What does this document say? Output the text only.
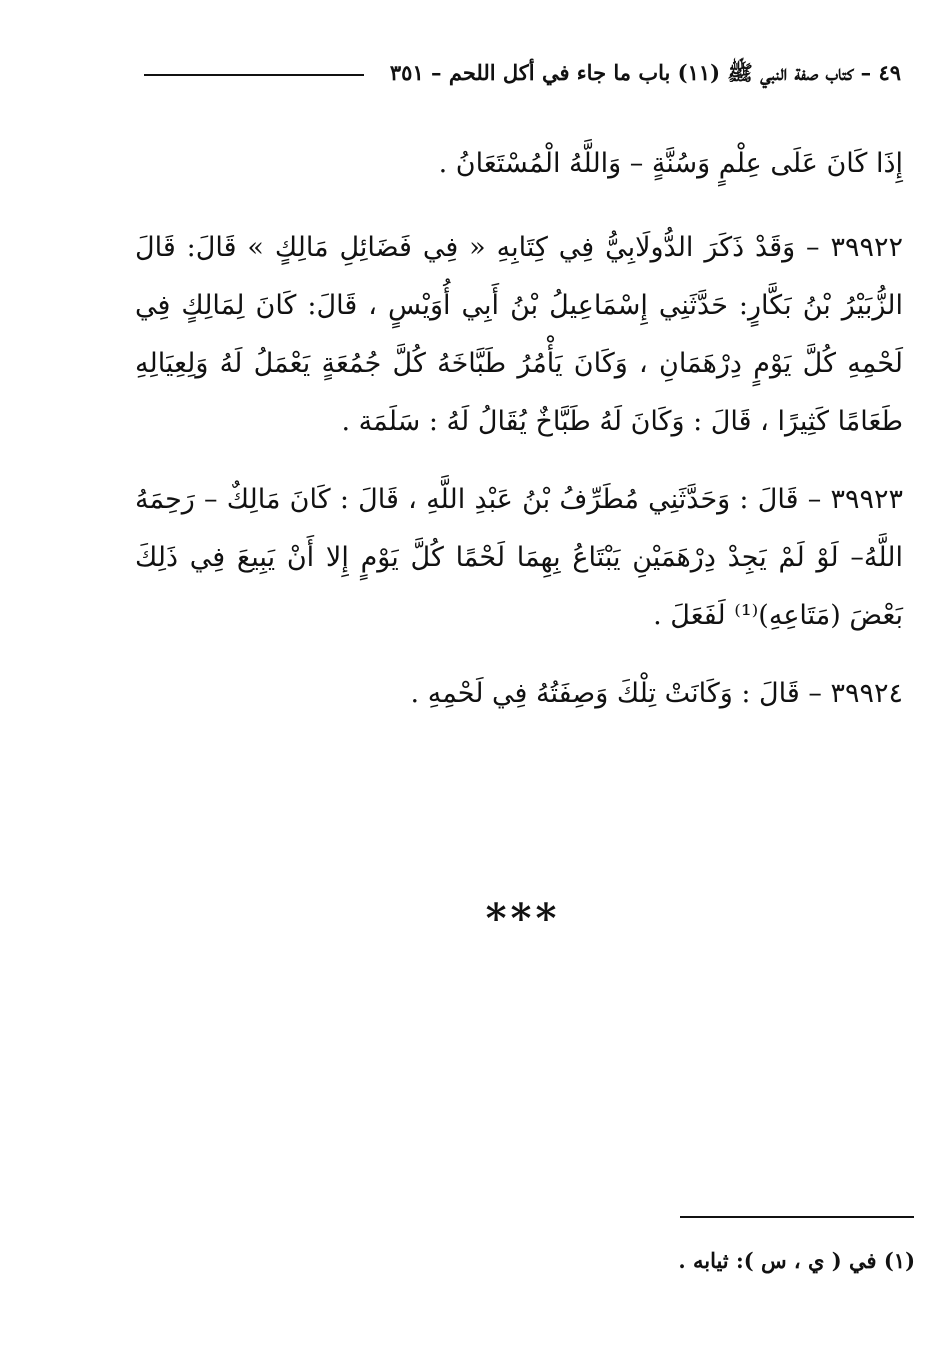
٤٩ – كتاب صفة النبي ﷺ (١١) باب ما جاء في أكل اللحم – ٣٥١

إِذَا كَانَ عَلَى عِلْمٍ وَسُنَّةٍ – وَاللَّهُ الْمُسْتَعَانُ .

٣٩٩٢٢ – وَقَدْ ذَكَرَ الدُّولَابِيُّ فِي كِتَابِهِ « فِي فَضَائِلِ مَالِكٍ » قَالَ: قَالَ الزُّبَيْرُ بْنُ بَكَّارٍ: حَدَّثَنِي إِسْمَاعِيلُ بْنُ أَبِي أُوَيْسٍ ، قَالَ: كَانَ لِمَالِكٍ فِي لَحْمِهِ كُلَّ يَوْمٍ دِرْهَمَانِ ، وَكَانَ يَأْمُرُ طَبَّاخَهُ كُلَّ جُمُعَةٍ يَعْمَلُ لَهُ وَلِعِيَالِهِ طَعَامًا كَثِيرًا ، قَالَ : وَكَانَ لَهُ طَبَّاخٌ يُقَالُ لَهُ : سَلَمَة .

٣٩٩٢٣ – قَالَ : وَحَدَّثَنِي مُطَرِّفُ بْنُ عَبْدِ اللَّهِ ، قَالَ : كَانَ مَالِكٌ – رَحِمَهُ اللَّهُ– لَوْ لَمْ يَجِدْ دِرْهَمَيْنِ يَبْتَاعُ بِهِمَا لَحْمًا كُلَّ يَوْمٍ إِلا أَنْ يَبِيعَ فِي ذَلِكَ بَعْضَ (مَتَاعِهِ)⁽¹⁾ لَفَعَلَ .

٣٩٩٢٤ – قَالَ : وَكَانَتْ تِلْكَ وَصِفَتُهُ فِي لَحْمِهِ .

***
(١) في ( ي ، س ): ثيابه .
